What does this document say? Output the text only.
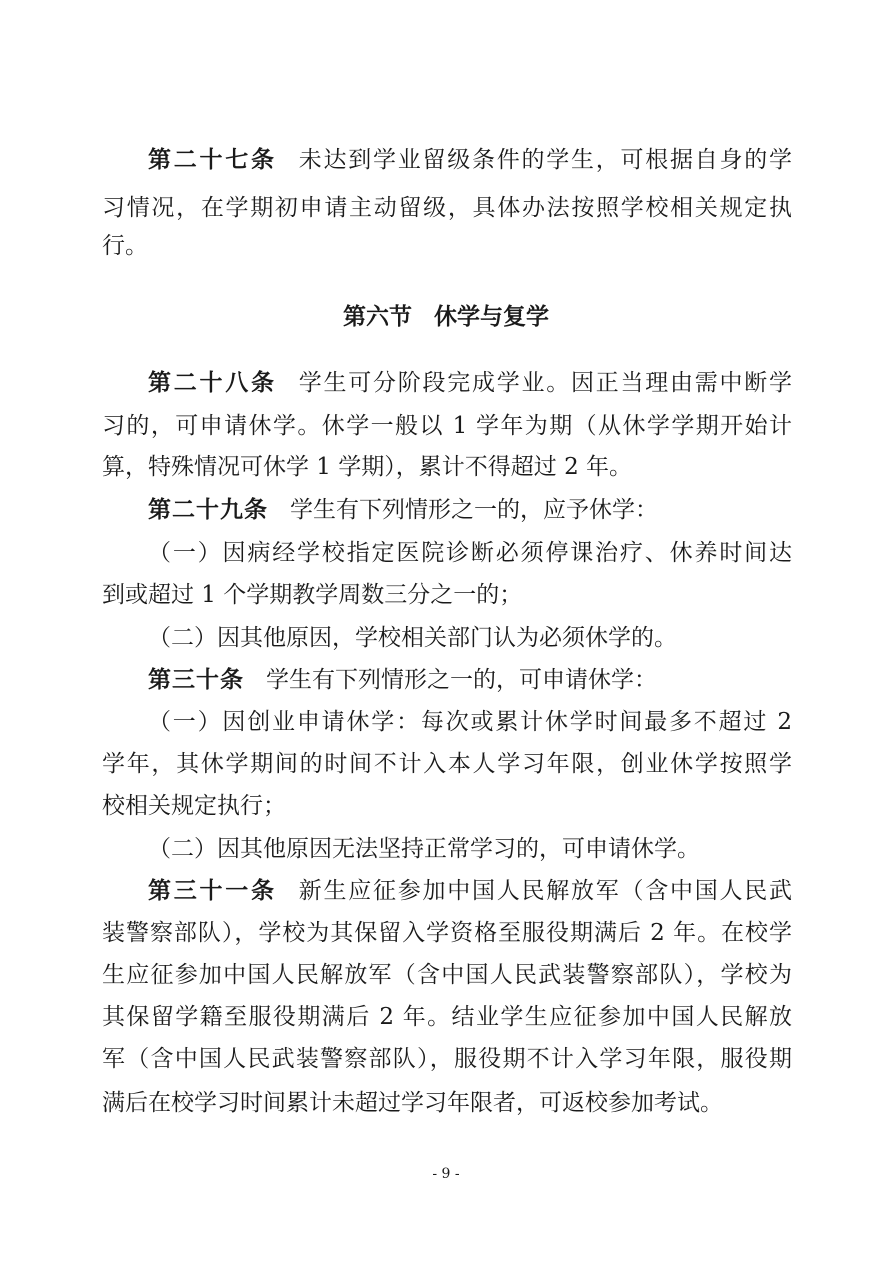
第二十七条 未达到学业留级条件的学生，可根据自身的学
习情况，在学期初申请主动留级，具体办法按照学校相关规定执
行。
第六节 休学与复学
第二十八条 学生可分阶段完成学业。因正当理由需中断学
习的，可申请休学。休学一般以 1 学年为期（从休学学期开始计
算，特殊情况可休学 1 学期），累计不得超过 2 年。
第二十九条 学生有下列情形之一的，应予休学：
（一）因病经学校指定医院诊断必须停课治疗、休养时间达
到或超过 1 个学期教学周数三分之一的；
（二）因其他原因，学校相关部门认为必须休学的。
第三十条 学生有下列情形之一的，可申请休学：
（一）因创业申请休学：每次或累计休学时间最多不超过 2
学年，其休学期间的时间不计入本人学习年限，创业休学按照学
校相关规定执行；
（二）因其他原因无法坚持正常学习的，可申请休学。
第三十一条 新生应征参加中国人民解放军（含中国人民武
装警察部队），学校为其保留入学资格至服役期满后 2 年。在校学
生应征参加中国人民解放军（含中国人民武装警察部队），学校为
其保留学籍至服役期满后 2 年。结业学生应征参加中国人民解放
军（含中国人民武装警察部队），服役期不计入学习年限，服役期
满后在校学习时间累计未超过学习年限者，可返校参加考试。
- 9 -
